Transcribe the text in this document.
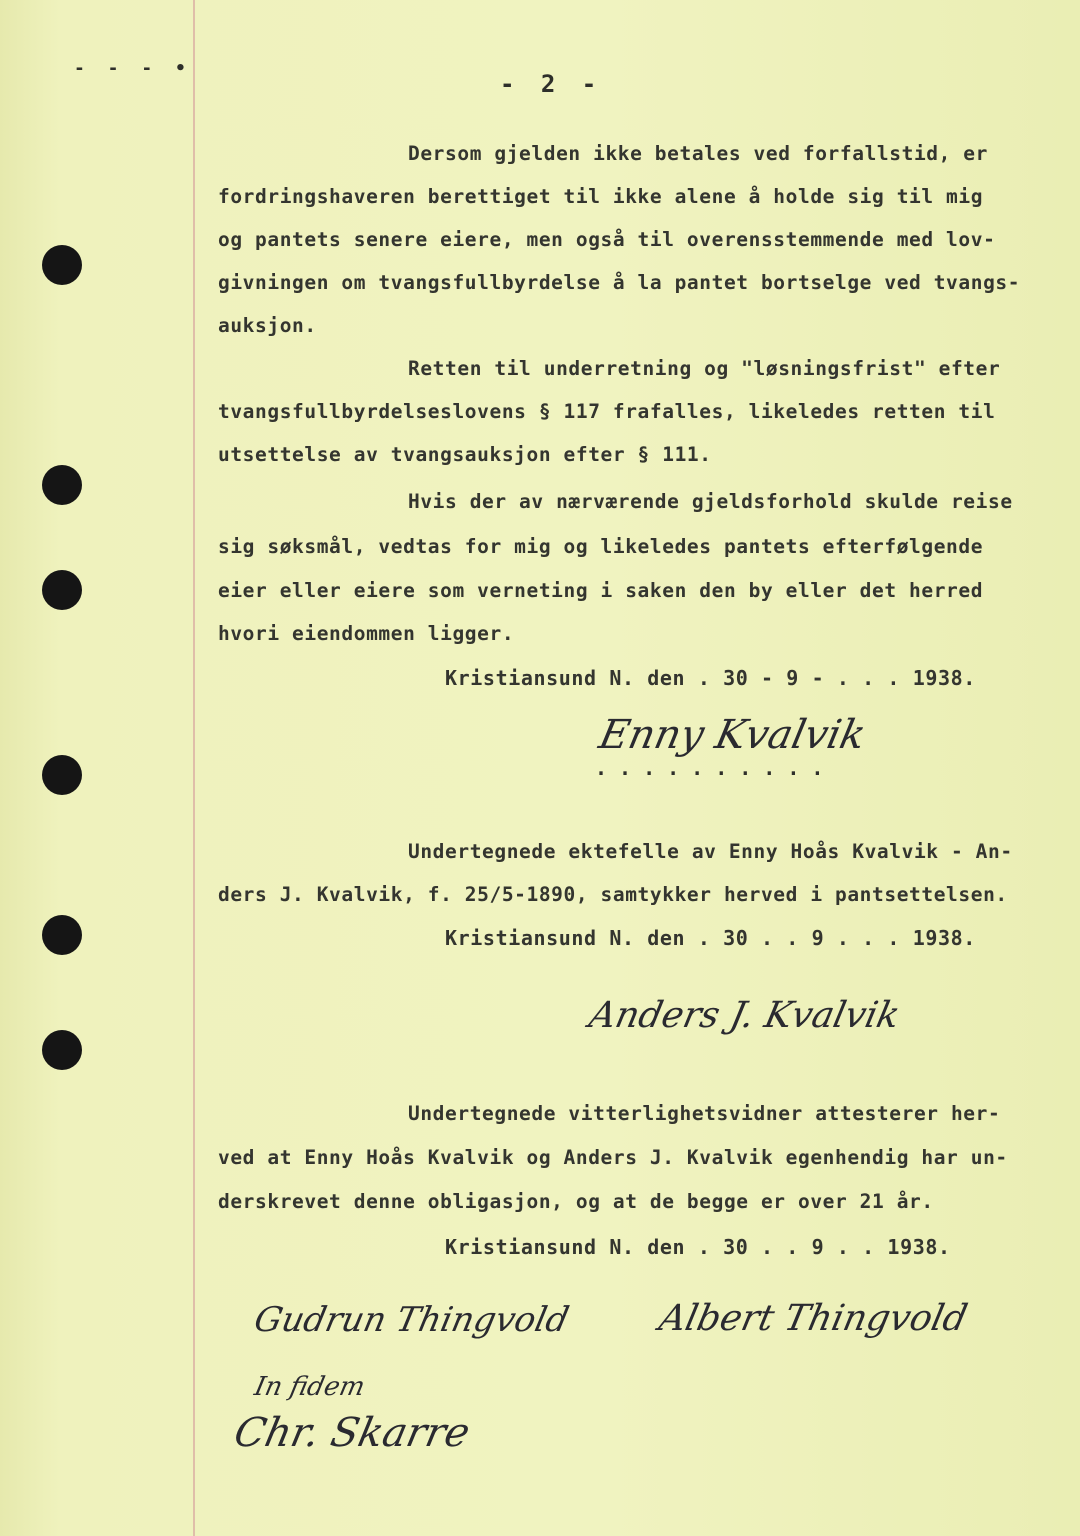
- - - •
- 2 -
Dersom gjelden ikke betales ved forfallstid, er
fordringshaveren berettiget til ikke alene å holde sig til mig
og pantets senere eiere, men også til overensstemmende med lov-
givningen om tvangsfullbyrdelse å la pantet bortselge ved tvangs-
auksjon.
Retten til underretning og "løsningsfrist" efter
tvangsfullbyrdelseslovens § 117 frafalles, likeledes retten til
utsettelse av tvangsauksjon efter § 111.
Hvis der av nærværende gjeldsforhold skulde reise
sig søksmål, vedtas for mig og likeledes pantets efterfølgende
eier eller eiere som verneting i saken den by eller det herred
hvori eiendommen ligger.
Kristiansund N. den . 30 - 9 - . . . 1938.
Enny Kvalvik
..........
Undertegnede ektefelle av Enny Hoås Kvalvik - An-
ders J. Kvalvik, f. 25/5-1890, samtykker herved i pantsettelsen.
Kristiansund N. den . 30 . . 9 . . . 1938.
Anders J. Kvalvik
Undertegnede vitterlighetsvidner attesterer her-
ved at Enny Hoås Kvalvik og Anders J. Kvalvik egenhendig har un-
derskrevet denne obligasjon, og at de begge er over 21 år.
Kristiansund N. den . 30 . . 9 . . 1938.
Gudrun Thingvold Albert Thingvold
In fidem
Chr. Skarre
